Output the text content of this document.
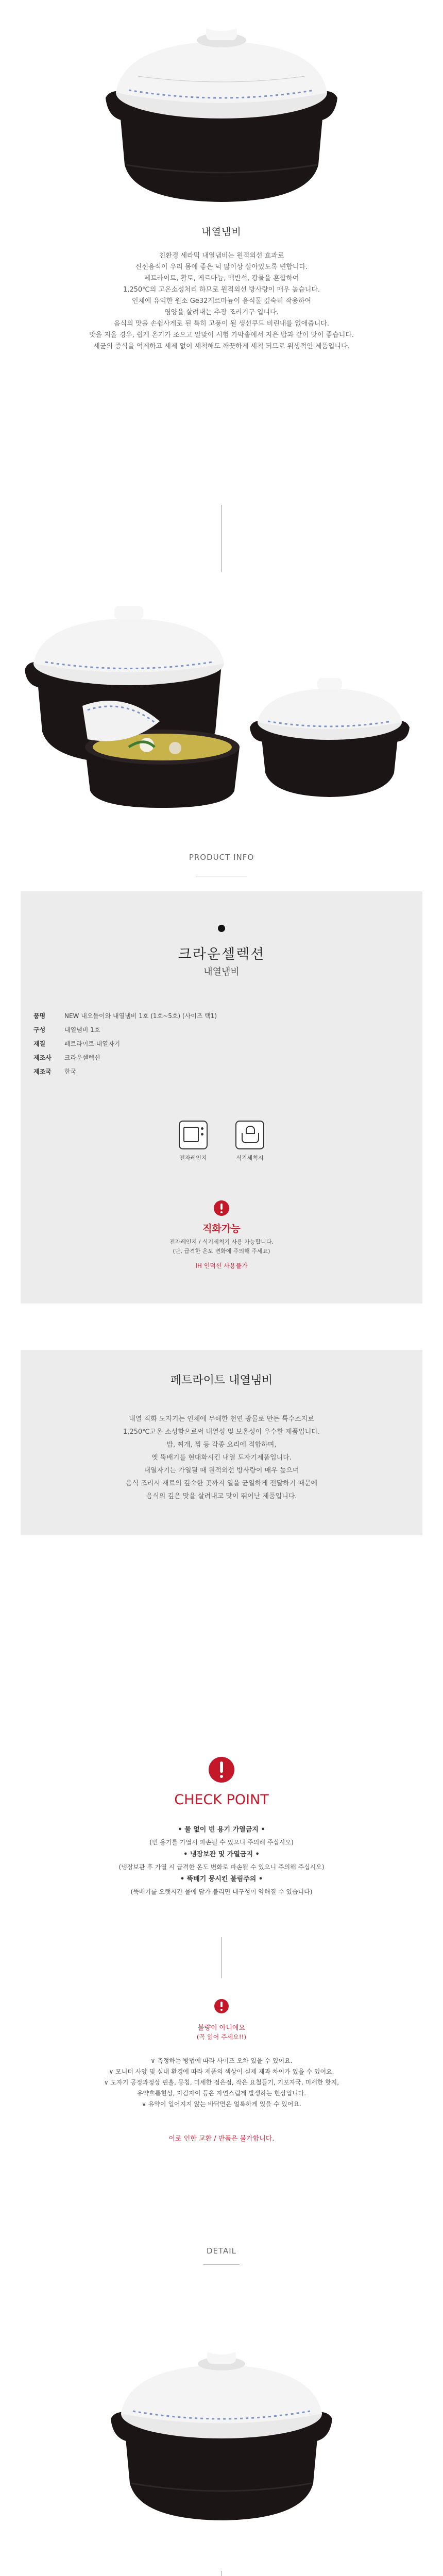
내열냄비
친환경 세라믹 내열냄비는 원적외선 효과로
신선음식이 우리 몸에 좋은 덕 많이상 살아있도록 변합니다.
페트라이트, 활토, 게르마늄, 맥반석, 광물을 혼합하여
1,250℃의 고온소성처리 하므로 원적외선 방사량이 매우 높습니다.
인체에 유익한 원소 Ge32게르마늄이 음식물 깊숙히 작용하여
영양을 살려내는 추장 조리기구 입니다.
음식의 맛을 손쉽사게로 된 특히 고풍이 될 생선쿠드 비린내를 없애줍니다.
맛을 지울 경우, 쉽게 온기가 조으고 알맞이 시험 가막솥에서 지은 밥과 같이 맛이 좋습니다.
세균의 증식을 억제하고 세제 없이 세척해도 깨끗하게 세척 되므로 위생적인 제품입니다.
PRODUCT INFO
크라운셀렉션
내열냄비
품명	NEW 내오돌이와 내열냄비 1호 (1호~5호) (사이즈 택1)
구성	내열냄비 1호
재질	페트라이트 내열자기
제조사	크라운셀렉션
제조국	한국
전자레인지	식기세척시
직화가능
전자레인지 / 식기세척기 사용 가능합니다.
(단, 급격한 온도 변화에 주의해 주세요)
IH 인덕션 사용불가
페트라이트 내열냄비
내열 직화 도자기는 인체에 무해한 천연 광물로 만든 특수소지로
1,250℃고온 소성함으로써 내열성 및 보온성이 우수한 제품입니다.
밥, 찌개, 찜 등 각종 요리에 적합하며,
옛 뚝배기를 현대화시킨 내열 도자기제품입니다.
내열자기는 가열될 때 원적외선 방사량이 매우 높으며
음식 조리시 재료의 깊숙한 곳까지 열을 균일하게 전달하기 때문에
음식의 깊은 맛을 살려내고 맛이 뛰어난 제품입니다.
CHECK POINT
• 물 없이 빈 용기 가열금지 •
(빈 용기를 가열시 파손될 수 있으니 주의해 주십시오)
• 냉장보관 및 가열금지 •
(냉장보관 후 가열 시 급격한 온도 변화로 파손될 수 있으니 주의해 주십시오)
• 뚝배기 뭉시킨 불림주의 •
(뚝배기를 오랫시간 물에 담가 불리면 내구성이 약해질 수 있습니다)
불량이 아니에요
(꼭 읽어 주세요!!)
∨ 측정하는 방법에 따라 사이즈 오차 있을 수 있어요.
∨ 모니터 사양 및 실내 환경에 따라 제품의 색상이 실제 제과 차이가 있을 수 있어요.
∨ 도자기 공정과정상 핀홀, 뭉침, 미세한 점은점, 작은 요철들기, 기포자국, 미세한 핫지,
유약흐름현상, 자감자이 등은 자연스럽게 발생하는 현상입니다.
∨ 유약이 일어지지 않는 바닥면은 얼룩하게 있을 수 있어요.
이로 인한 교환 / 반품은 불가합니다.
DETAIL
